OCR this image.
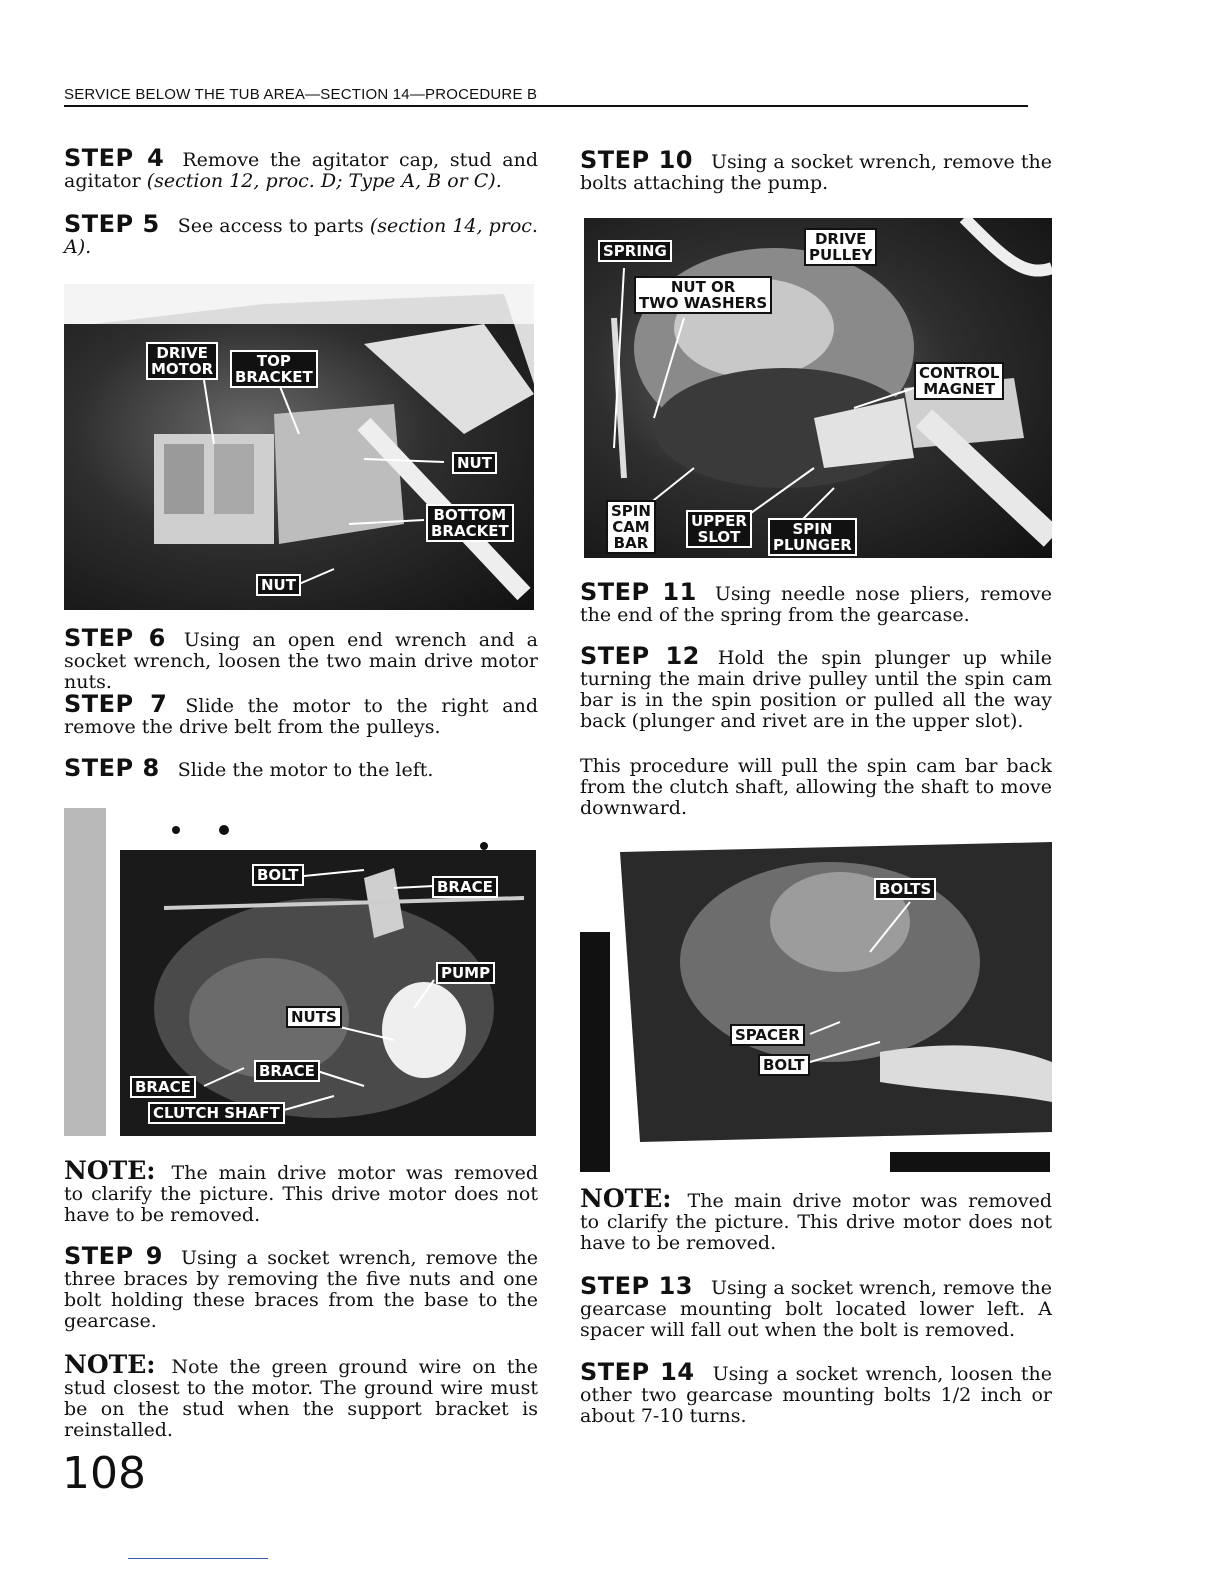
SERVICE BELOW THE TUB AREA—SECTION 14—PROCEDURE B

STEP 4 Remove the agitator cap, stud and agitator (section 12, proc. D; Type A, B or C).

STEP 5 See access to parts (section 14, proc. A).

DRIVE
MOTOR	TOP
BRACKET
NUT
BOTTOM
BRACKET
NUT

STEP 6 Using an open end wrench and a socket wrench, loosen the two main drive motor nuts.

STEP 7 Slide the motor to the right and remove the drive belt from the pulleys.

STEP 8 Slide the motor to the left.

BOLT
BRACE
PUMP
NUTS
BRACE
BRACE
CLUTCH SHAFT

NOTE: The main drive motor was removed to clarify the picture. This drive motor does not have to be removed.

STEP 9 Using a socket wrench, remove the three braces by removing the five nuts and one bolt holding these braces from the base to the gearcase.

NOTE: Note the green ground wire on the stud closest to the motor. The ground wire must be on the stud when the support bracket is reinstalled.

STEP 10 Using a socket wrench, remove the bolts attaching the pump.

SPRING
DRIVE
PULLEY
NUT OR
TWO WASHERS
CONTROL
MAGNET
SPIN
CAM
BAR
UPPER
SLOT	SPIN
PLUNGER

STEP 11 Using needle nose pliers, remove the end of the spring from the gearcase.

STEP 12 Hold the spin plunger up while turning the main drive pulley until the spin cam bar is in the spin position or pulled all the way back (plunger and rivet are in the upper slot).

This procedure will pull the spin cam bar back from the clutch shaft, allowing the shaft to move downward.

BOLTS
SPACER
BOLT

NOTE: The main drive motor was removed to clarify the picture. This drive motor does not have to be removed.

STEP 13 Using a socket wrench, remove the gearcase mounting bolt located lower left. A spacer will fall out when the bolt is removed.

STEP 14 Using a socket wrench, loosen the other two gearcase mounting bolts 1/2 inch or about 7-10 turns.

108
